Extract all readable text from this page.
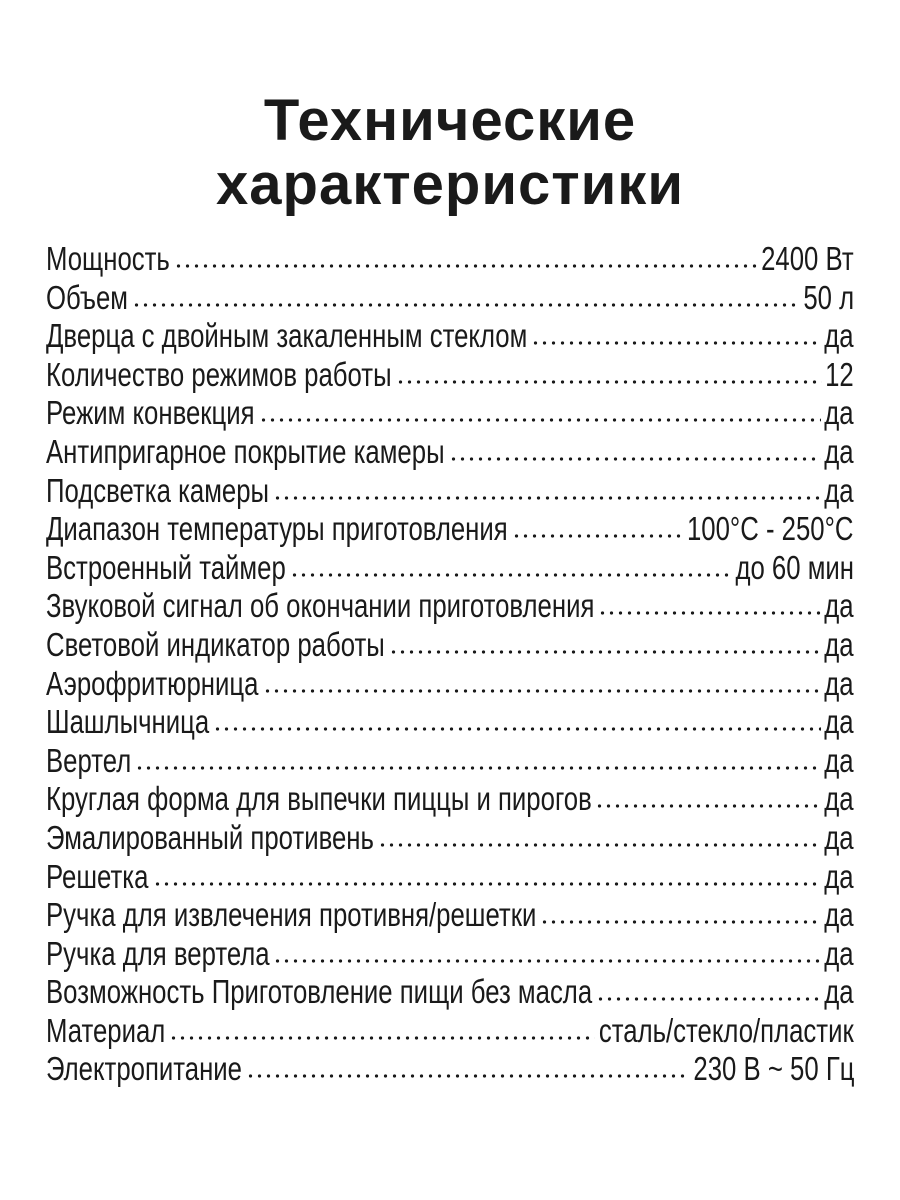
Технические
характеристики
Мощность	2400 Вт
Объем	50 л
Дверца с двойным закаленным стеклом	да
Количество режимов работы	12
Режим конвекция	да
Антипригарное покрытие камеры	да
Подсветка камеры	да
Диапазон температуры приготовления	100°С - 250°С
Встроенный таймер	до 60 мин
Звуковой сигнал об окончании приготовления	да
Световой индикатор работы	да
Аэрофритюрница	да
Шашлычница	да
Вертел	да
Круглая форма для выпечки пиццы и пирогов	да
Эмалированный противень	да
Решетка	да
Ручка для извлечения противня/решетки	да
Ручка для вертела	да
Возможность Приготовление пищи без масла	да
Материал	сталь/стекло/пластик
Электропитание	230 В ~ 50 Гц
